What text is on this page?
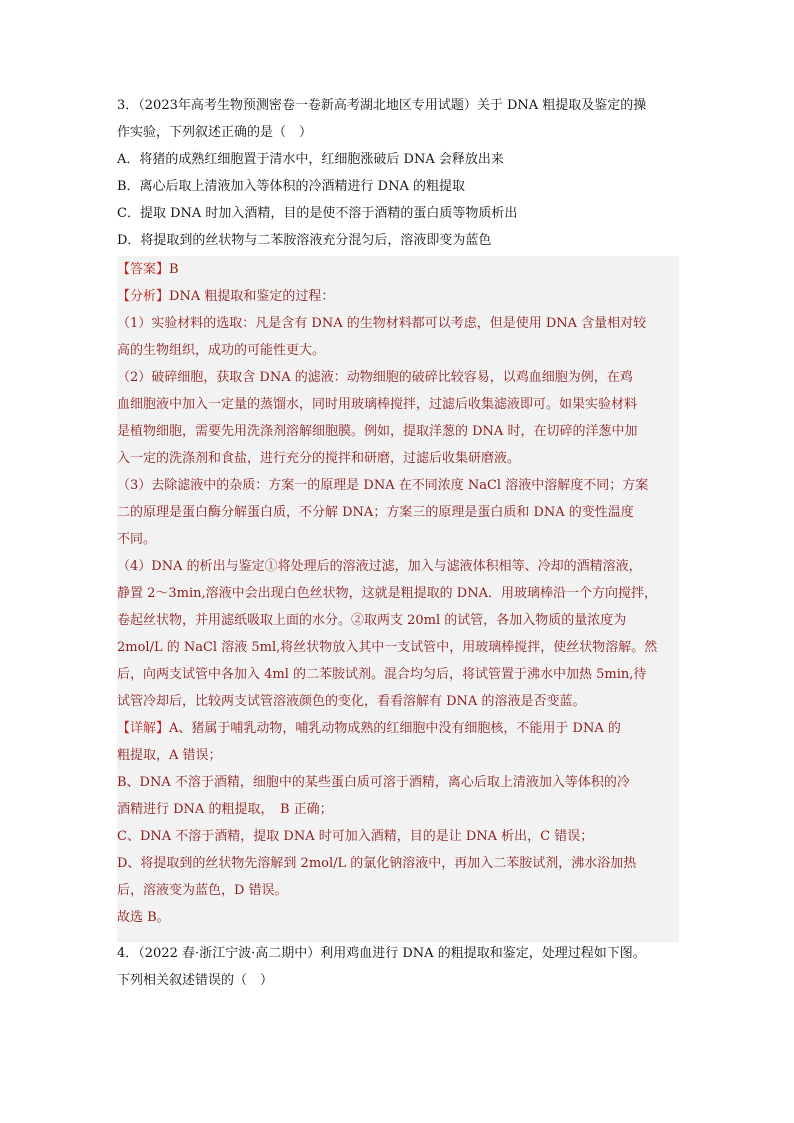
3．（2023年高考生物预测密卷一卷新高考湖北地区专用试题）关于 DNA 粗提取及鉴定的操
作实验，下列叙述正确的是（　）
A．将猪的成熟红细胞置于清水中，红细胞涨破后 DNA 会释放出来
B．离心后取上清液加入等体积的冷酒精进行 DNA 的粗提取
C．提取 DNA 时加入酒精，目的是使不溶于酒精的蛋白质等物质析出
D．将提取到的丝状物与二苯胺溶液充分混匀后，溶液即变为蓝色
【答案】B
【分析】DNA 粗提取和鉴定的过程：
（1）实验材料的选取：凡是含有 DNA 的生物材料都可以考虑，但是使用 DNA 含量相对较
高的生物组织，成功的可能性更大。
（2）破碎细胞，获取含 DNA 的滤液：动物细胞的破碎比较容易，以鸡血细胞为例，在鸡
血细胞液中加入一定量的蒸馏水，同时用玻璃棒搅拌，过滤后收集滤液即可。如果实验材料
是植物细胞，需要先用洗涤剂溶解细胞膜。例如，提取洋葱的 DNA 时，在切碎的洋葱中加
入一定的洗涤剂和食盐，进行充分的搅拌和研磨，过滤后收集研磨液。
（3）去除滤液中的杂质：方案一的原理是 DNA 在不同浓度 NaCl 溶液中溶解度不同；方案
二的原理是蛋白酶分解蛋白质，不分解 DNA；方案三的原理是蛋白质和 DNA 的变性温度
不同。
（4）DNA 的析出与鉴定①将处理后的溶液过滤，加入与滤液体积相等、冷却的酒精溶液，
静置 2～3min,溶液中会出现白色丝状物，这就是粗提取的 DNA．用玻璃棒沿一个方向搅拌，
卷起丝状物，并用滤纸吸取上面的水分。②取两支 20ml 的试管，各加入物质的量浓度为
2mol/L 的 NaCl 溶液 5ml,将丝状物放入其中一支试管中，用玻璃棒搅拌，使丝状物溶解。然
后，向两支试管中各加入 4ml 的二苯胺试剂。混合均匀后，将试管置于沸水中加热 5min,待
试管冷却后，比较两支试管溶液颜色的变化，看看溶解有 DNA 的溶液是否变蓝。
【详解】A、猪属于哺乳动物，哺乳动物成熟的红细胞中没有细胞核，不能用于 DNA 的
粗提取，A 错误；
B、DNA 不溶于酒精，细胞中的某些蛋白质可溶于酒精，离心后取上清液加入等体积的冷
酒精进行 DNA 的粗提取，　B 正确；
C、DNA 不溶于酒精，提取 DNA 时可加入酒精，目的是让 DNA 析出，C 错误；
D、将提取到的丝状物先溶解到 2mol/L 的氯化钠溶液中，再加入二苯胺试剂，沸水浴加热
后，溶液变为蓝色，D 错误。
故选 B。
4．（2022 春·浙江宁波·高二期中）利用鸡血进行 DNA 的粗提取和鉴定，处理过程如下图。
下列相关叙述错误的（　）
